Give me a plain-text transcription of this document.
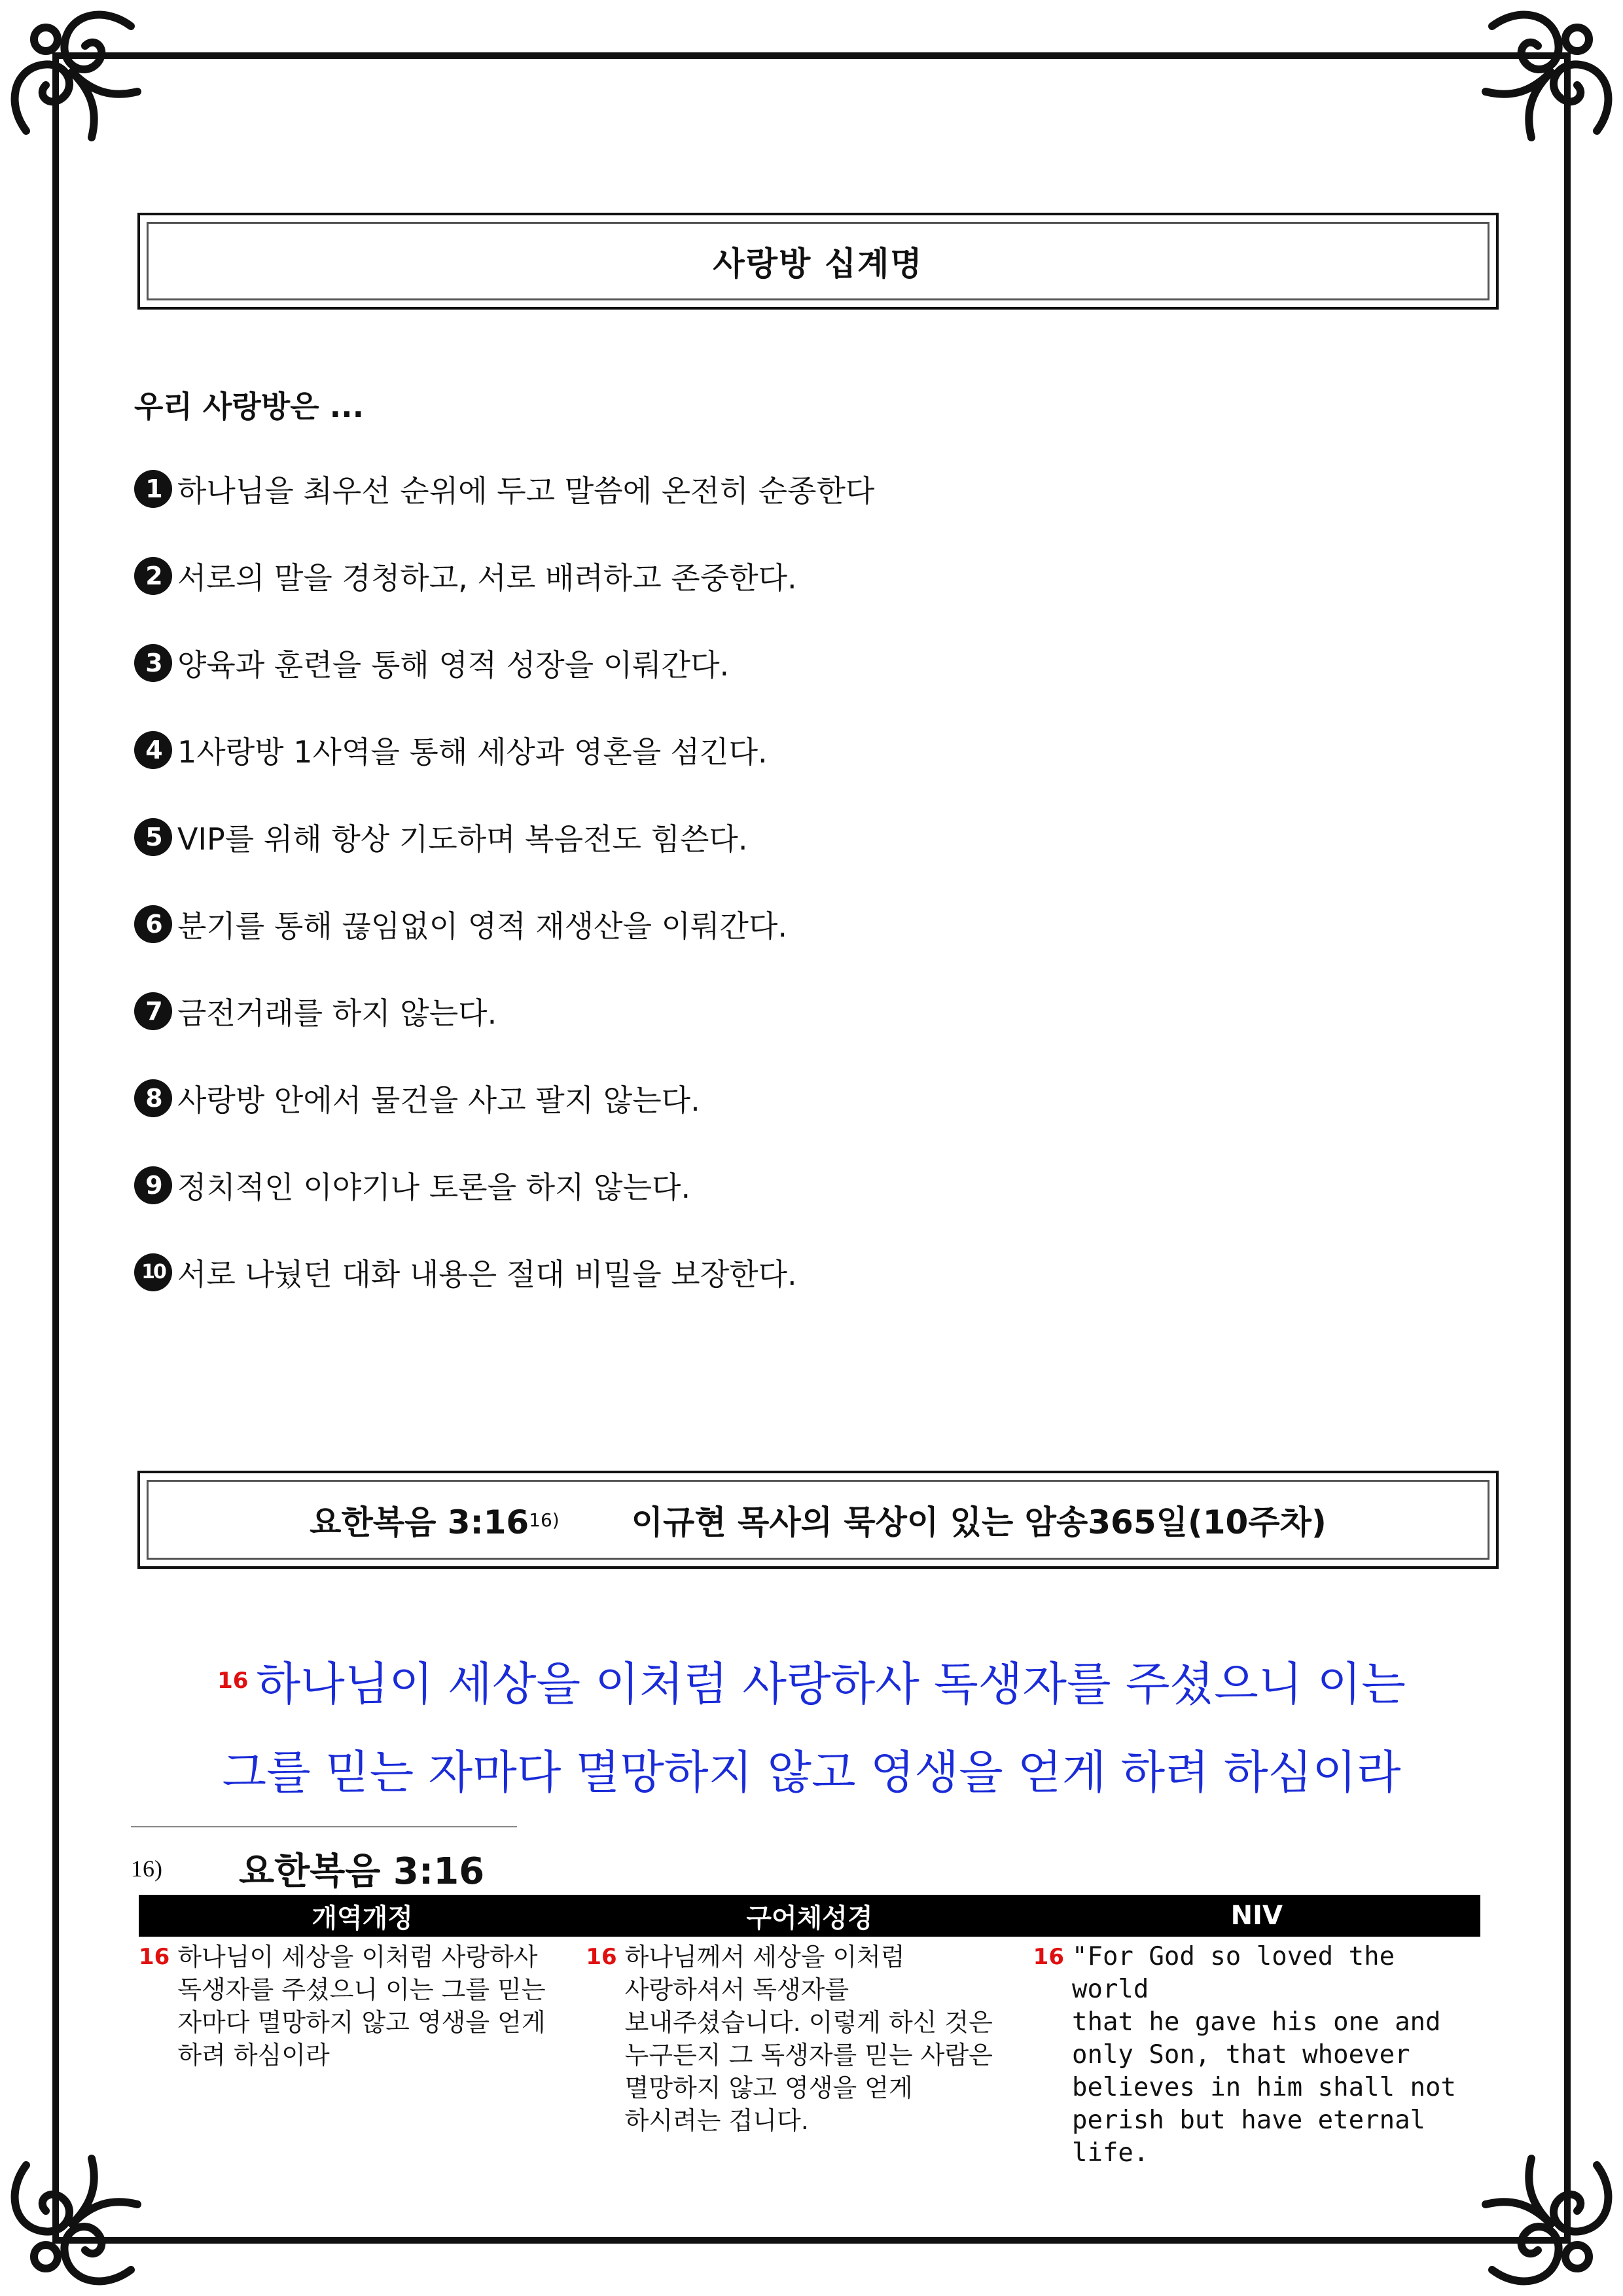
사랑방 십계명
우리 사랑방은 ...
1 하나님을 최우선 순위에 두고 말씀에 온전히 순종한다
2 서로의 말을 경청하고, 서로 배려하고 존중한다.
3 양육과 훈련을 통해 영적 성장을 이뤄간다.
4 1사랑방 1사역을 통해 세상과 영혼을 섬긴다.
5 VIP를 위해 항상 기도하며 복음전도 힘쓴다.
6 분기를 통해 끊임없이 영적 재생산을 이뤄간다.
7 금전거래를 하지 않는다.
8 사랑방 안에서 물건을 사고 팔지 않는다.
9 정치적인 이야기나 토론을 하지 않는다.
10 서로 나눴던 대화 내용은 절대 비밀을 보장한다.
요한복음 3:16 16) 이규현 목사의 묵상이 있는 암송365일(10주차)
16 하나님이 세상을 이처럼 사랑하사 독생자를 주셨으니 이는
그를 믿는 자마다 멸망하지 않고 영생을 얻게 하려 하심이라
16)	요한복음 3:16
개역개정	구어체성경	NIV
16 하나님이 세상을 이처럼 사랑하사
독생자를 주셨으니 이는 그를 믿는
자마다 멸망하지 않고 영생을 얻게
하려 하심이라
16 하나님께서 세상을 이처럼
사랑하셔서 독생자를
보내주셨습니다. 이렇게 하신 것은
누구든지 그 독생자를 믿는 사람은
멸망하지 않고 영생을 얻게
하시려는 겁니다.
16 "For God so loved the world
that he gave his one and
only Son, that whoever
believes in him shall not
perish but have eternal life.
